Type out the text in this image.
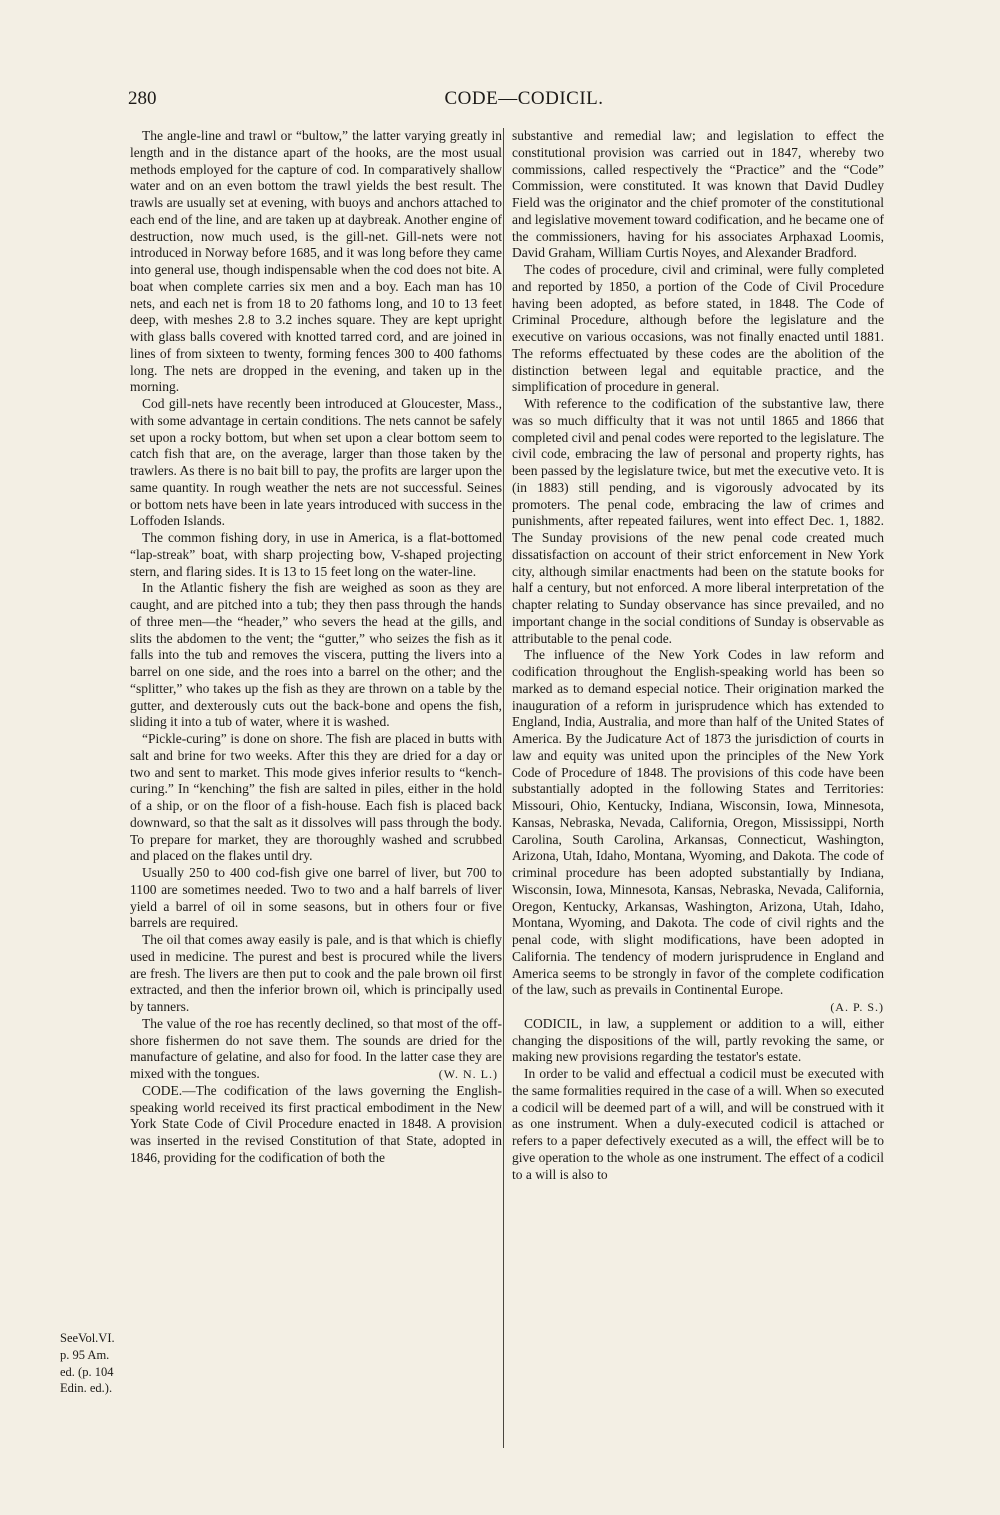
280	CODE—CODICIL.

The angle-line and trawl or “bultow,” the latter varying greatly in length and in the distance apart of the hooks, are the most usual methods employed for the capture of cod. In comparatively shallow water and on an even bottom the trawl yields the best result. The trawls are usually set at evening, with buoys and anchors attached to each end of the line, and are taken up at daybreak. Another engine of destruction, now much used, is the gill-net. Gill-nets were not introduced in Norway before 1685, and it was long before they came into general use, though indispensable when the cod does not bite. A boat when complete carries six men and a boy. Each man has 10 nets, and each net is from 18 to 20 fathoms long, and 10 to 13 feet deep, with meshes 2.8 to 3.2 inches square. They are kept upright with glass balls covered with knotted tarred cord, and are joined in lines of from sixteen to twenty, forming fences 300 to 400 fathoms long. The nets are dropped in the evening, and taken up in the morning.

Cod gill-nets have recently been introduced at Gloucester, Mass., with some advantage in certain conditions. The nets cannot be safely set upon a rocky bottom, but when set upon a clear bottom seem to catch fish that are, on the average, larger than those taken by the trawlers. As there is no bait bill to pay, the profits are larger upon the same quantity. In rough weather the nets are not successful. Seines or bottom nets have been in late years introduced with success in the Loffoden Islands.

The common fishing dory, in use in America, is a flat-bottomed “lap-streak” boat, with sharp projecting bow, V-shaped projecting stern, and flaring sides. It is 13 to 15 feet long on the water-line.

In the Atlantic fishery the fish are weighed as soon as they are caught, and are pitched into a tub; they then pass through the hands of three men—the “header,” who severs the head at the gills, and slits the abdomen to the vent; the “gutter,” who seizes the fish as it falls into the tub and removes the viscera, putting the livers into a barrel on one side, and the roes into a barrel on the other; and the “splitter,” who takes up the fish as they are thrown on a table by the gutter, and dexterously cuts out the back-bone and opens the fish, sliding it into a tub of water, where it is washed.

“Pickle-curing” is done on shore. The fish are placed in butts with salt and brine for two weeks. After this they are dried for a day or two and sent to market. This mode gives inferior results to “kench-curing.” In “kenching” the fish are salted in piles, either in the hold of a ship, or on the floor of a fish-house. Each fish is placed back downward, so that the salt as it dissolves will pass through the body. To prepare for market, they are thoroughly washed and scrubbed and placed on the flakes until dry.

Usually 250 to 400 cod-fish give one barrel of liver, but 700 to 1100 are sometimes needed. Two to two and a half barrels of liver yield a barrel of oil in some seasons, but in others four or five barrels are required.

The oil that comes away easily is pale, and is that which is chiefly used in medicine. The purest and best is procured while the livers are fresh. The livers are then put to cook and the pale brown oil first extracted, and then the inferior brown oil, which is principally used by tanners.

The value of the roe has recently declined, so that most of the off-shore fishermen do not save them. The sounds are dried for the manufacture of gelatine, and also for food. In the latter case they are mixed with the tongues.	(W. N. L.)

CODE.—The codification of the laws governing the English-speaking world received its first practical embodiment in the New York State Code of Civil Procedure enacted in 1848. A provision was inserted in the revised Constitution of that State, adopted in 1846, providing for the codification of both the

substantive and remedial law; and legislation to effect the constitutional provision was carried out in 1847, whereby two commissions, called respectively the “Practice” and the “Code” Commission, were constituted. It was known that David Dudley Field was the originator and the chief promoter of the constitutional and legislative movement toward codification, and he became one of the commissioners, having for his associates Arphaxad Loomis, David Graham, William Curtis Noyes, and Alexander Bradford.

The codes of procedure, civil and criminal, were fully completed and reported by 1850, a portion of the Code of Civil Procedure having been adopted, as before stated, in 1848. The Code of Criminal Procedure, although before the legislature and the executive on various occasions, was not finally enacted until 1881. The reforms effectuated by these codes are the abolition of the distinction between legal and equitable practice, and the simplification of procedure in general.

With reference to the codification of the substantive law, there was so much difficulty that it was not until 1865 and 1866 that completed civil and penal codes were reported to the legislature. The civil code, embracing the law of personal and property rights, has been passed by the legislature twice, but met the executive veto. It is (in 1883) still pending, and is vigorously advocated by its promoters. The penal code, embracing the law of crimes and punishments, after repeated failures, went into effect Dec. 1, 1882. The Sunday provisions of the new penal code created much dissatisfaction on account of their strict enforcement in New York city, although similar enactments had been on the statute books for half a century, but not enforced. A more liberal interpretation of the chapter relating to Sunday observance has since prevailed, and no important change in the social conditions of Sunday is observable as attributable to the penal code.

The influence of the New York Codes in law reform and codification throughout the English-speaking world has been so marked as to demand especial notice. Their origination marked the inauguration of a reform in jurisprudence which has extended to England, India, Australia, and more than half of the United States of America. By the Judicature Act of 1873 the jurisdiction of courts in law and equity was united upon the principles of the New York Code of Procedure of 1848. The provisions of this code have been substantially adopted in the following States and Territories: Missouri, Ohio, Kentucky, Indiana, Wisconsin, Iowa, Minnesota, Kansas, Nebraska, Nevada, California, Oregon, Mississippi, North Carolina, South Carolina, Arkansas, Connecticut, Washington, Arizona, Utah, Idaho, Montana, Wyoming, and Dakota. The code of criminal procedure has been adopted substantially by Indiana, Wisconsin, Iowa, Minnesota, Kansas, Nebraska, Nevada, California, Oregon, Kentucky, Arkansas, Washington, Arizona, Utah, Idaho, Montana, Wyoming, and Dakota. The code of civil rights and the penal code, with slight modifications, have been adopted in California. The tendency of modern jurisprudence in England and America seems to be strongly in favor of the complete codification of the law, such as prevails in Continental Europe.

(A. P. S.)

CODICIL, in law, a supplement or addition to a will, either changing the dispositions of the will, partly revoking the same, or making new provisions regarding the testator's estate.

In order to be valid and effectual a codicil must be executed with the same formalities required in the case of a will. When so executed a codicil will be deemed part of a will, and will be construed with it as one instrument. When a duly-executed codicil is attached or refers to a paper defectively executed as a will, the effect will be to give operation to the whole as one instrument. The effect of a codicil to a will is also to

SeeVol.VI.
p. 95 Am.
ed. (p. 104
Edin. ed.).
